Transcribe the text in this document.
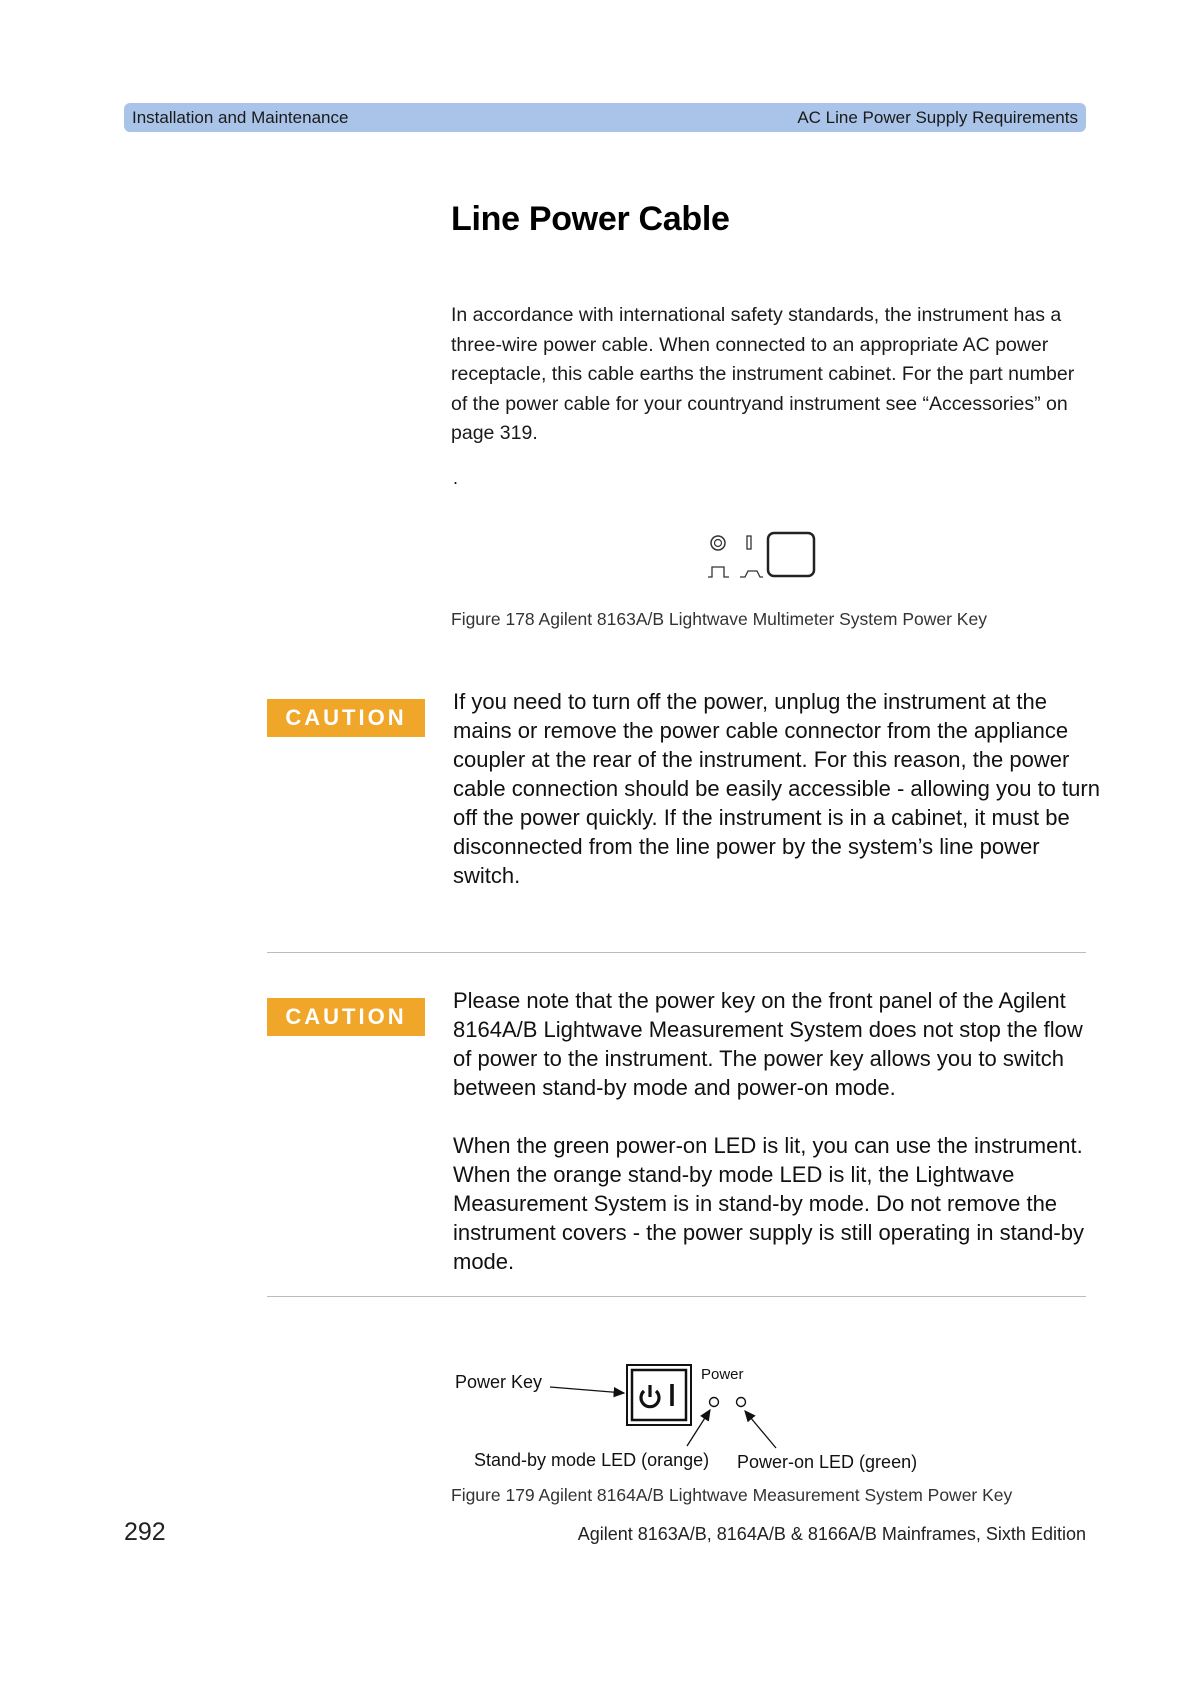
Installation and Maintenance	AC Line Power Supply Requirements
Line Power Cable
In accordance with international safety standards, the instrument has a three-wire power cable. When connected to an appropriate AC power receptacle, this cable earths the instrument cabinet. For the part number of the power cable for your countryand instrument see “Accessories” on page 319.
.
Figure 178 Agilent 8163A/B Lightwave Multimeter System Power Key
CAUTION
If you need to turn off the power, unplug the instrument at the mains or remove the power cable connector from the appliance coupler at the rear of the instrument. For this reason, the power cable connection should be easily accessible - allowing you to turn off the power quickly. If the instrument is in a cabinet, it must be disconnected from the line power by the system’s line power switch.
CAUTION

Please note that the power key on the front panel of the Agilent 8164A/B Lightwave Measurement System does not stop the flow of power to the instrument. The power key allows you to switch between stand-by mode and power-on mode.

When the green power-on LED is lit, you can use the instrument. When the orange stand-by mode LED is lit, the Lightwave Measurement System is in stand-by mode. Do not remove the instrument covers - the power supply is still operating in stand-by mode.

Power Key	Power
Stand-by mode LED (orange) Power-on LED (green)
Figure 179 Agilent 8164A/B Lightwave Measurement System Power Key
292	Agilent 8163A/B, 8164A/B & 8166A/B Mainframes, Sixth Edition
